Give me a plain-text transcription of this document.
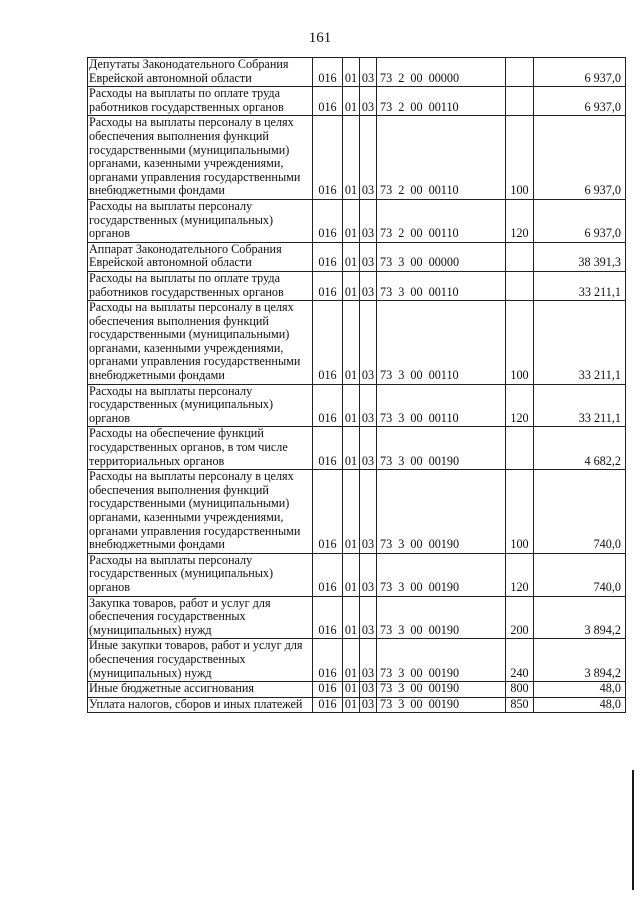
161
Депутаты Законодательного Собрания Еврейской автономной области	016	01	03	73 2 00 00000		6 937,0
Расходы на выплаты по оплате труда работников государственных органов	016	01	03	73 2 00 00110		6 937,0
Расходы на выплаты персоналу в целях обеспечения выполнения функций государственными (муниципальными) органами, казенными учреждениями, органами управления государственными внебюджетными фондами	016	01	03	73 2 00 00110	100	6 937,0
Расходы на выплаты персоналу государственных (муниципальных) органов	016	01	03	73 2 00 00110	120	6 937,0
Аппарат Законодательного Собрания Еврейской автономной области	016	01	03	73 3 00 00000		38 391,3
Расходы на выплаты по оплате труда работников государственных органов	016	01	03	73 3 00 00110		33 211,1
Расходы на выплаты персоналу в целях обеспечения выполнения функций государственными (муниципальными) органами, казенными учреждениями, органами управления государственными внебюджетными фондами	016	01	03	73 3 00 00110	100	33 211,1
Расходы на выплаты персоналу государственных (муниципальных) органов	016	01	03	73 3 00 00110	120	33 211,1
Расходы на обеспечение функций государственных органов, в том числе территориальных органов	016	01	03	73 3 00 00190		4 682,2
Расходы на выплаты персоналу в целях обеспечения выполнения функций государственными (муниципальными) органами, казенными учреждениями, органами управления государственными внебюджетными фондами	016	01	03	73 3 00 00190	100	740,0
Расходы на выплаты персоналу государственных (муниципальных) органов	016	01	03	73 3 00 00190	120	740,0
Закупка товаров, работ и услуг для обеспечения государственных (муниципальных) нужд	016	01	03	73 3 00 00190	200	3 894,2
Иные закупки товаров, работ и услуг для обеспечения государственных (муниципальных) нужд	016	01	03	73 3 00 00190	240	3 894,2
Иные бюджетные ассигнования	016	01	03	73 3 00 00190	800	48,0
Уплата налогов, сборов и иных платежей	016	01	03	73 3 00 00190	850	48,0
